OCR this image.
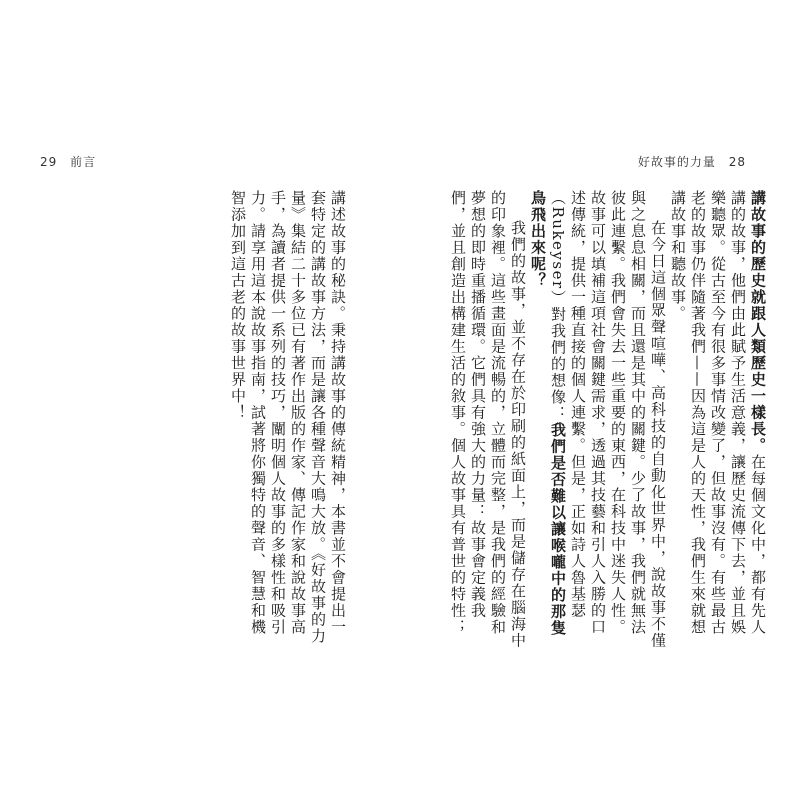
29 前言	好故事的力量 28

講故事的歷史就跟人類歷史一樣長。在每個文化中，都有先人講的故事，他們由此賦予生活意義，讓歷史流傳下去，並且娛樂聽眾。從古至今有很多事情改變了，但故事沒有。有些最古老的故事仍伴隨著我們——因為這是人的天性，我們生來就想講故事和聽故事。

在今日這個眾聲喧嘩、高科技的自動化世界中，說故事不僅與之息息相關，而且還是其中的關鍵。少了故事，我們就無法彼此連繫。我們會失去一些重要的東西，在科技中迷失人性。故事可以填補這項社會關鍵需求，透過其技藝和引人入勝的口述傳統，提供一種直接的個人連繫。但是，正如詩人魯基瑟（Rukeyser）對我們的想像：我們是否難以讓喉嚨中的那隻鳥飛出來呢？

我們的故事，並不存在於印刷的紙面上，而是儲存在腦海中的印象裡。這些畫面是流暢的，立體而完整，是我們的經驗和夢想的即時重播循環。它們具有強大的力量：故事會定義我們，並且創造出構建生活的敘事。個人故事具有普世的特性；

講述故事的秘訣。秉持講故事的傳統精神，本書並不會提出一套特定的講故事方法，而是讓各種聲音大鳴大放。《好故事的力量》集結二十多位已有著作出版的作家、傳記作家和說故事高手，為讀者提供一系列的技巧，闡明個人故事的多樣性和吸引力。請享用這本說故事指南，試著將你獨特的聲音、智慧和機智添加到這古老的故事世界中！
